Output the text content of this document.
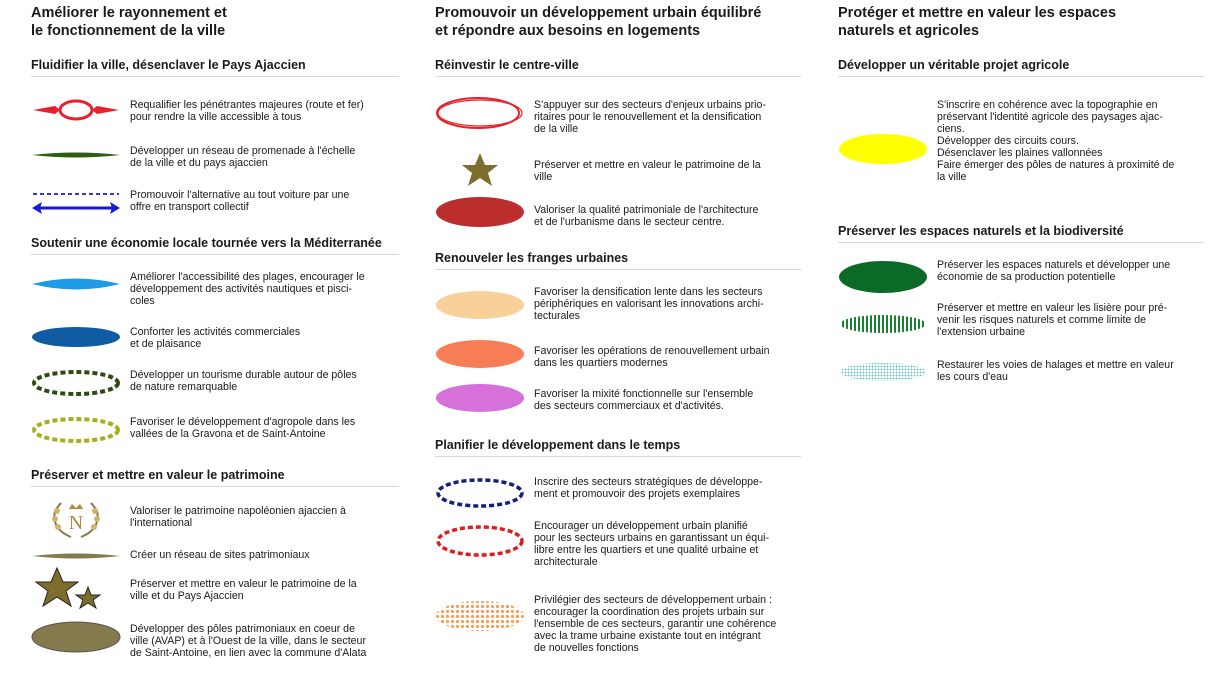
Améliorer le rayonnement et
le fonctionnement de la ville
Fluidifier la ville, désenclaver le Pays Ajaccien
Requalifier les pénétrantes majeures (route et fer)
pour rendre la ville accessible à tous
Développer un réseau de promenade à l'échelle
de la ville et du pays ajaccien
Promouvoir l'alternative au tout voiture par une
offre en transport collectif
Soutenir une économie locale tournée vers la Méditerranée
Améliorer l'accessibilité des plages, encourager le
développement des activités nautiques et pisci-
coles
Conforter les activités commerciales
et de plaisance
Développer un tourisme durable autour de pôles
de nature remarquable
Favoriser le développement d'agropole dans les
vallées de la Gravona et de Saint-Antoine
Préserver et mettre en valeur le patrimoine
N
Valoriser le patrimoine napoléonien ajaccien à
l'international
Créer un réseau de sites patrimoniaux
Préserver et mettre en valeur le patrimoine de la
ville et du Pays Ajaccien
Développer des pôles patrimoniaux en coeur de
ville (AVAP) et à l'Ouest de la ville, dans le secteur
de Saint-Antoine, en lien avec la commune d'Alata
Promouvoir un développement urbain équilibré
et répondre aux besoins en logements
Réinvestir le centre-ville
S'appuyer sur des secteurs d'enjeux urbains prio-
ritaires pour le renouvellement et la densification
de la ville
Préserver et mettre en valeur le patrimoine de la
ville
Valoriser la qualité patrimoniale de l'architecture
et de l'urbanisme dans le secteur centre.
Renouveler les franges urbaines
Favoriser la densification lente dans les secteurs
périphériques en valorisant les innovations archi-
tecturales
Favoriser les opérations de renouvellement urbain
dans les quartiers modernes
Favoriser la mixité fonctionnelle sur l'ensemble
des secteurs commerciaux et d'activités.
Planifier le développement dans le temps
Inscrire des secteurs stratégiques de développe-
ment et promouvoir des projets exemplaires
Encourager un développement urbain planifié
pour les secteurs urbains en garantissant un équi-
libre entre les quartiers et une qualité urbaine et
architecturale
Privilégier des secteurs de développement urbain :
encourager la coordination des projets urbain sur
l'ensemble de ces secteurs, garantir une cohérence
avec la trame urbaine existante tout en intégrant
de nouvelles fonctions
Protéger et mettre en valeur les espaces
naturels et agricoles
Développer un véritable projet agricole
S'inscrire en cohérence avec la topographie en
préservant l'identité agricole des paysages ajac-
ciens.
Développer des circuits cours.
Désenclaver les plaines vallonnées
Faire émerger des pôles de natures à proximité de
la ville
Préserver les espaces naturels et la biodiversité
Préserver les espaces naturels et développer une
économie de sa production potentielle
Préserver et mettre en valeur les lisière pour pré-
venir les risques naturels et comme limite de
l'extension urbaine
Restaurer les voies de halages et mettre en valeur
les cours d'eau
